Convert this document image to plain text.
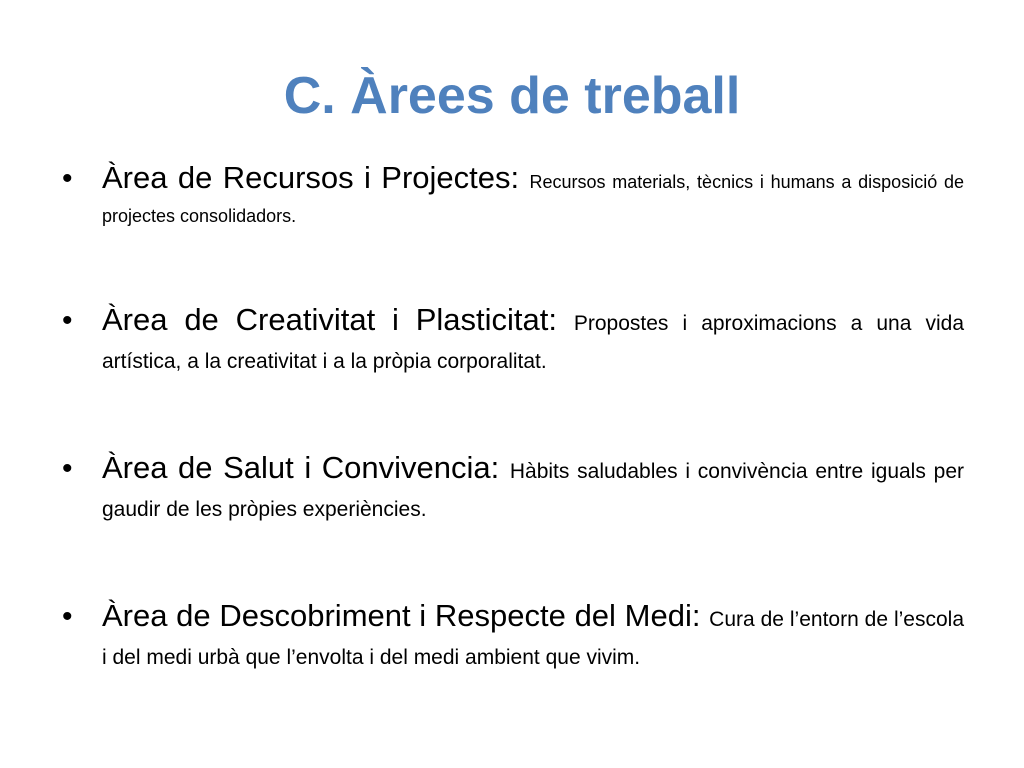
C. Àrees de treball
• Àrea de Recursos i Projectes: Recursos materials, tècnics i humans a disposició de projectes consolidadors.
• Àrea de Creativitat i Plasticitat: Propostes i aproximacions a una vida artística, a la creativitat i a la pròpia corporalitat.
• Àrea de Salut i Convivencia: Hàbits saludables i convivència entre iguals per gaudir de les pròpies experiències.
• Àrea de Descobriment i Respecte del Medi: Cura de l’entorn de l’escola i del medi urbà que l’envolta i del medi ambient que vivim.
